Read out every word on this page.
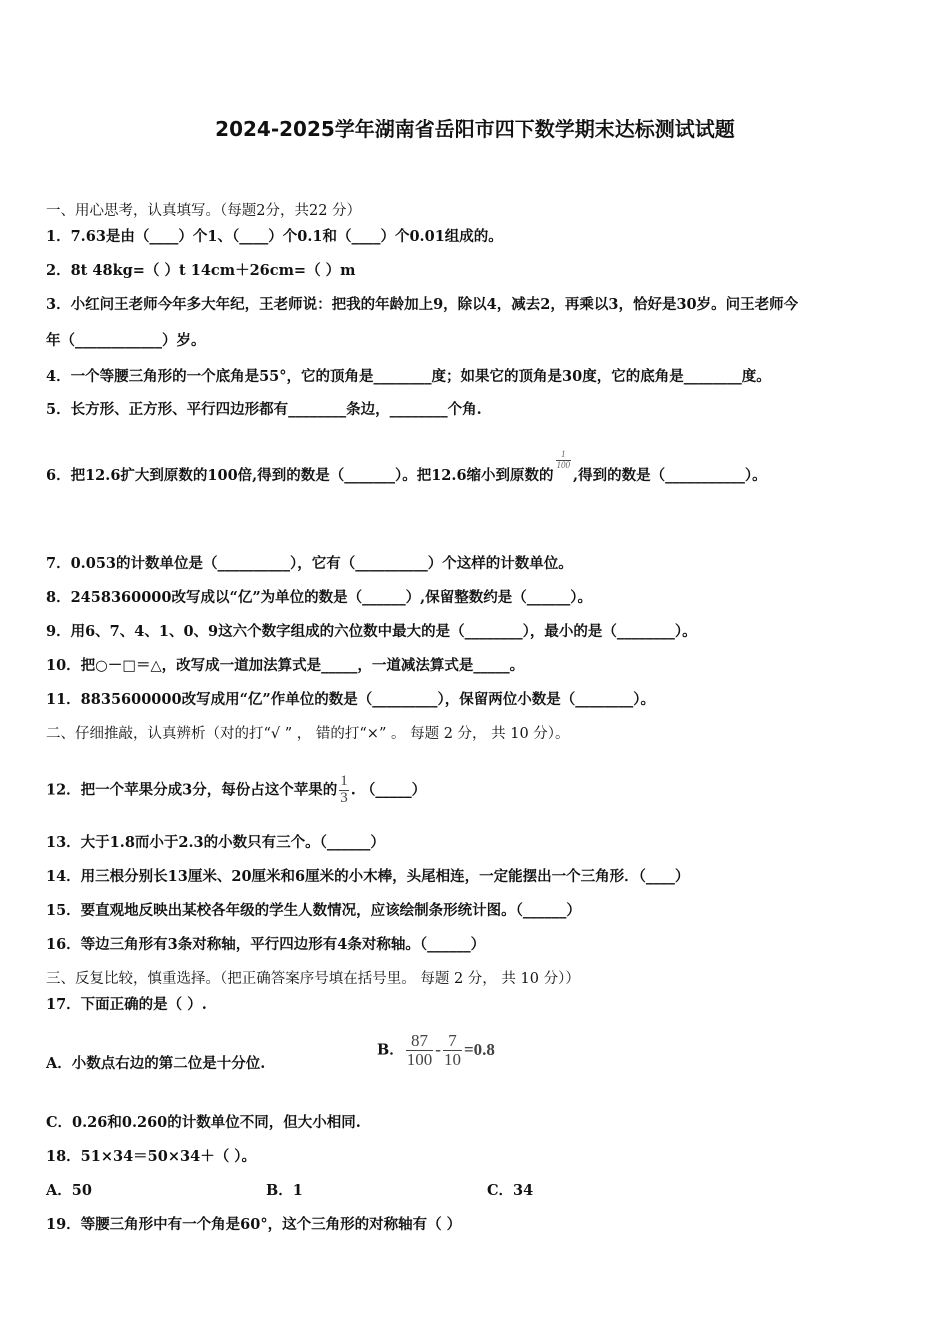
2024-2025学年湖南省岳阳市四下数学期末达标测试试题
一、用心思考，认真填写。（每题2分，共22 分）
1．7.63是由（____）个1、（____）个0.1和（____）个0.01组成的。
2．8t 48kg=（ ）t 14cm＋26cm=（ ）m
3．小红问王老师今年多大年纪，王老师说：把我的年龄加上9，除以4，减去2，再乘以3，恰好是30岁。问王老师今
年（____________）岁。
4．一个等腰三角形的一个底角是55°，它的顶角是________度；如果它的顶角是30度，它的底角是________度。
5．长方形、正方形、平行四边形都有________条边，________个角.
6．把12.6扩大到原数的100倍,得到的数是（_______）。把12.6缩小到原数的
$\frac{1}{100}$
,得到的数是（___________）。
7．0.053的计数单位是（__________），它有（__________）个这样的计数单位。
8．2458360000改写成以“亿”为单位的数是（______）,保留整数约是（______）。
9．用6、7、4、1、0、9这六个数字组成的六位数中最大的是（________），最小的是（________）。
10．把○－□＝△，改写成一道加法算式是_____，一道减法算式是_____。
11．8835600000改写成用“亿”作单位的数是（_________），保留两位小数是（________）。
二、仔细推敲，认真辨析（对的打“√ ” ， 错的打“×” 。 每题 2 分， 共 10 分）。
12．把一个苹果分成3分，每份占这个苹果的 $\frac{1}{3}$ . （_____）
13．大于1.8而小于2.3的小数只有三个。（______）
14．用三根分别长13厘米、20厘米和6厘米的小木棒，头尾相连，一定能摆出一个三角形．（____）
15．要直观地反映出某校各年级的学生人数情况，应该绘制条形统计图。（______）
16．等边三角形有3条对称轴，平行四边形有4条对称轴。（______）
三、反复比较，慎重选择。（把正确答案序号填在括号里。 每题 2 分， 共 10 分））
17．下面正确的是（ ）.
A．小数点右边的第二位是十分位.
B． $\frac{87}{100} - \frac{7}{10} =0.8$
C．0.26和0.260的计数单位不同，但大小相同.
18．51×34＝50×34＋（ ）。
A．50	B．1	C．34
19．等腰三角形中有一个角是60°，这个三角形的对称轴有（ ）
